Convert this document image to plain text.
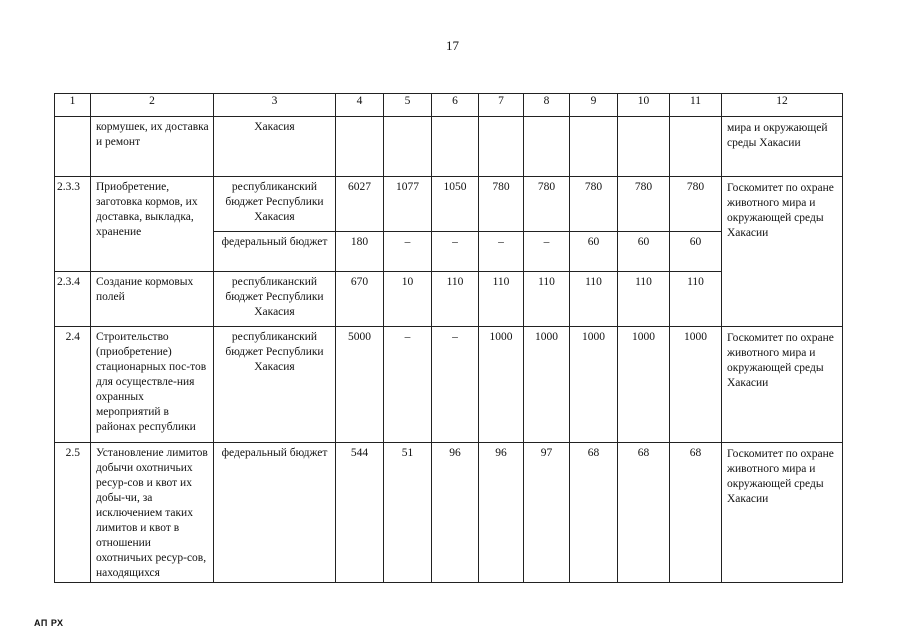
17
1	2	3	4	5	6	7	8	9	10	11	12
	кормушек, их доставка и ремонт	Хакасия									мира и окружающей среды Хакасии
2.3.3	Приобретение, заготовка кормов, их доставка, выкладка, хранение	республиканский бюджет Республики Хакасия	6027	1077	1050	780	780	780	780	780	Госкомитет по охране животного мира и окружающей среды Хакасии
		федеральный бюджет	180	–	–	–	–	60	60	60	
2.3.4	Создание кормовых полей	республиканский бюджет Республики Хакасия	670	10	110	110	110	110	110	110	
2.4	Строительство (приобретение) стационарных пос-тов для осуществле-ния охранных мероприятий в районах республики	республиканский бюджет Республики Хакасия	5000	–	–	1000	1000	1000	1000	1000	Госкомитет по охране животного мира и окружающей среды Хакасии
2.5	Установление лимитов добычи охотничьих ресур-сов и квот их добы-чи, за исключением таких лимитов и квот в отношении охотничьих ресур-сов, находящихся	федеральный бюджет	544	51	96	96	97	68	68	68	Госкомитет по охране животного мира и окружающей среды Хакасии
АП РХ
